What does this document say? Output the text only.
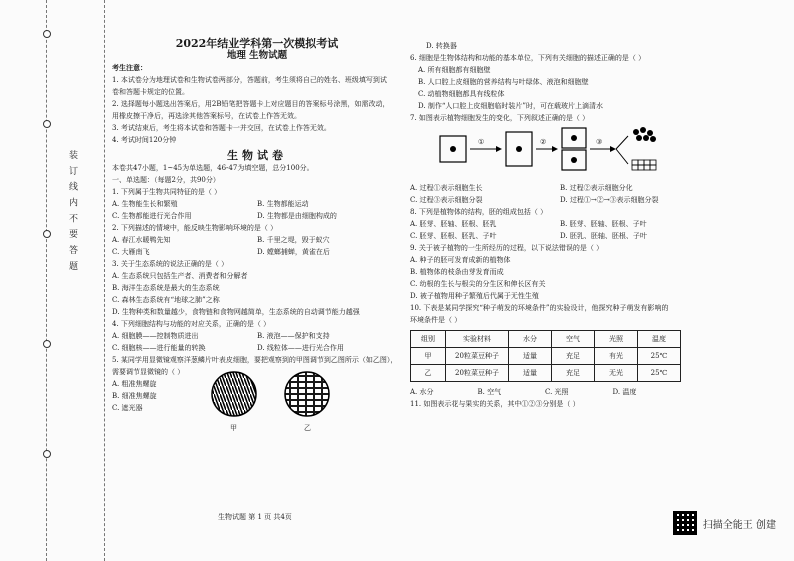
装 订 线 内 不 要 答 题
2022年结业学科第一次模拟考试
地理 生物试题

考生注意：

1. 本试卷分为地理试卷和生物试卷两部分，答题前，考生须将自己的姓名、班级填写到试

卷和答题卡规定的位置。

2. 选择题每小题选出答案后，用2B铅笔把答题卡上对应题目的答案标号涂黑，如需改动，

用橡皮擦干净后，再选涂其他答案标号，在试卷上作答无效。

3. 考试结束后，考生将本试卷和答题卡一并交回，在试卷上作答无效。

4. 考试时间120分钟

生物试卷

本卷共47小题，1~45为单选题，46-47为填空题，总分100分。

一、单选题：（每题2分，共90分）

1. 下列属于生物共同特征的是（ ）

A. 生物能生长和繁殖	B. 生物都能运动
C. 生物都能进行光合作用	D. 生物都是由细胞构成的

2. 下列描述的情境中，能反映生物影响环境的是（ ）

A. 春江水暖鸭先知	B. 千里之堤，毁于蚁穴
C. 大雁南飞	D. 螳螂捕蝉，黄雀在后

3. 关于生态系统的说法正确的是（ ）

A. 生态系统只包括生产者、消费者和分解者

B. 海洋生态系统是最大的生态系统

C. 森林生态系统有“地球之肺”之称

D. 生物种类和数量越少，食物链和食物网越简单，生态系统的自动调节能力越强

4. 下列细胞结构与功能的对应关系，正确的是（ ）

A. 细胞膜——控制物质进出	B. 液泡——保护和支持
C. 细胞核——进行能量的转换	D. 线粒体——进行光合作用

5. 某同学用显微镜观察洋葱鳞片叶表皮细胞，要把观察到的甲图调节到乙图所示（如乙图），

需要调节显微镜的（ ）

A. 粗准焦螺旋

B. 细准焦螺旋

C. 遮光器

甲	乙
生物试题 第 1 页 共4页

D. 转换器

6. 细胞是生物体结构和功能的基本单位，下列有关细胞的描述正确的是（ ）

A. 所有细胞都有细胞壁

B. 人口腔上皮细胞的营养结构与叶绿体、液泡和细胞壁

C. 动植物细胞都具有线粒体

D. 制作“人口腔上皮细胞临时装片”时，可在载玻片上滴清水

7. 如图表示植物细胞发生的变化，下列叙述正确的是（ ）

①	②	③
A. 过程①表示细胞生长	B. 过程②表示细胞分化
C. 过程③表示细胞分裂	D. 过程①→②→③表示细胞分裂

8. 下列是植物体的结构，胚的组成包括（ ）

A. 胚芽、胚轴、胚根、胚乳	B. 胚芽、胚轴、胚根、子叶
C. 胚芽、胚根、胚乳、子叶	D. 胚乳、胚轴、胚根、子叶

9. 关于被子植物的一生所经历的过程，以下说法错误的是（ ）

A. 种子的胚可发育成新的植物体

B. 植物体的枝条由芽发育而成

C. 幼根的生长与根尖的分生区和伸长区有关

D. 被子植物用种子繁殖后代属于无性生殖

10. 下表是某同学探究“种子萌发的环境条件”的实验设计，他探究种子萌发有影响的

环境条件是（ ）

组别	实验材料	水分	空气	光照	温度
甲	20粒菜豆种子	适量	充足	有光	25℃
乙	20粒菜豆种子	适量	充足	无光	25℃
A. 水分	B. 空气	C. 光照	D. 温度

11. 如图表示花与果实的关系，其中①②③分别是（ ）

扫描全能王 创建
